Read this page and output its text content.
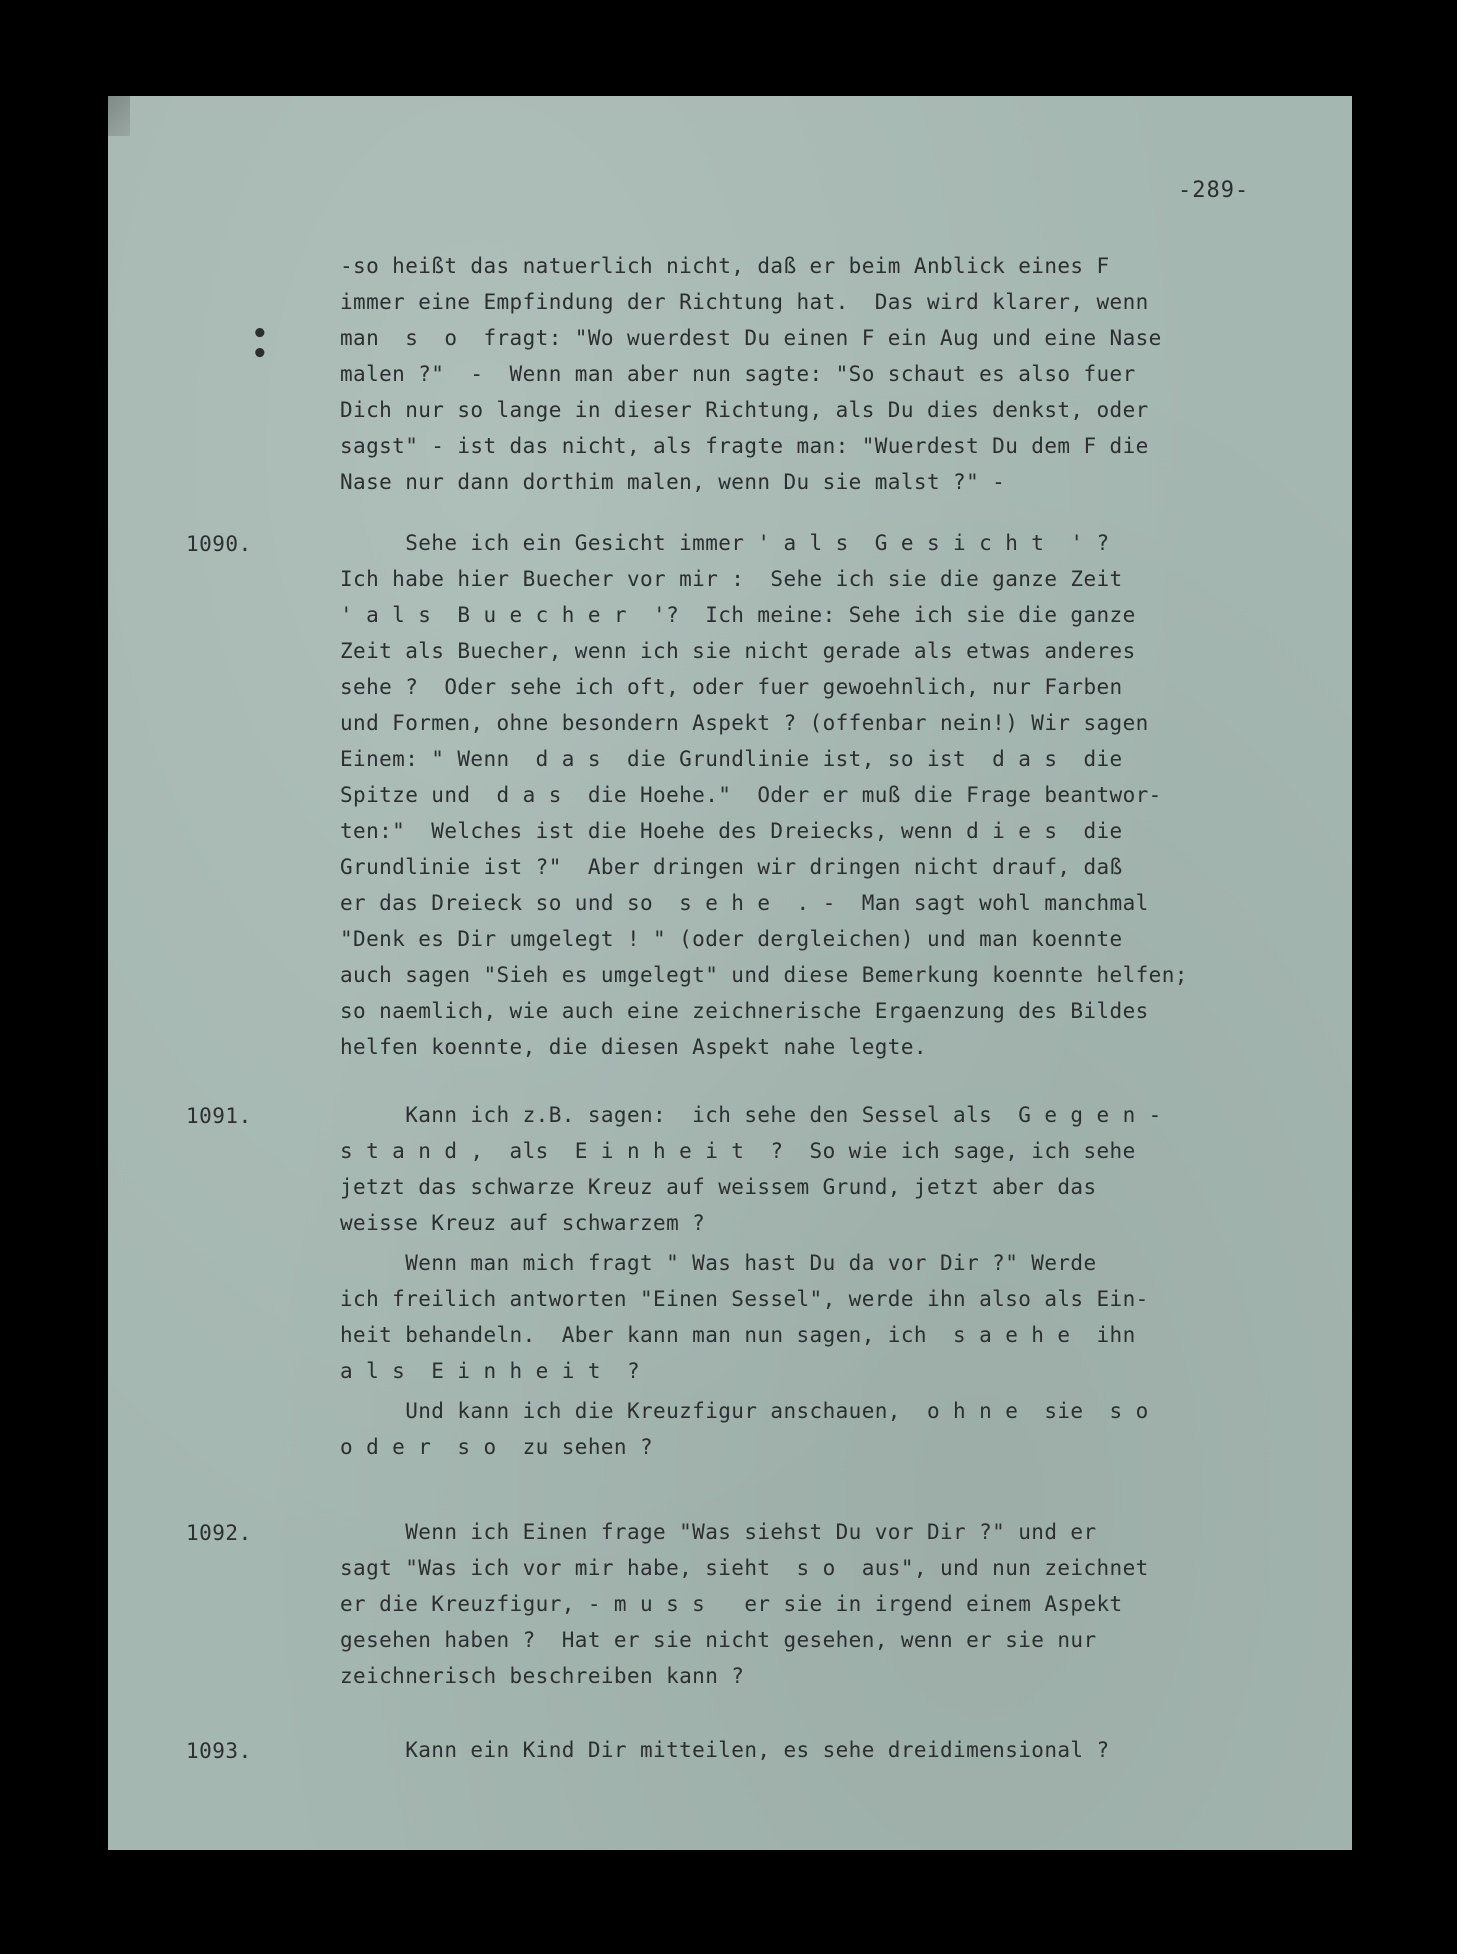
-289-
•
•
-so heißt das natuerlich nicht, daß er beim Anblick eines F
immer eine Empfindung der Richtung hat.  Das wird klarer, wenn
man  s  o  fragt: "Wo wuerdest Du einen F ein Aug und eine Nase
malen ?"  -  Wenn man aber nun sagte: "So schaut es also fuer
Dich nur so lange in dieser Richtung, als Du dies denkst, oder
sagst" - ist das nicht, als fragte man: "Wuerdest Du dem F die
Nase nur dann dorthim malen, wenn Du sie malst ?" -
1090.	Sehe ich ein Gesicht immer ' a l s  G e s i c h t  ' ?
Ich habe hier Buecher vor mir :  Sehe ich sie die ganze Zeit
' a l s  B u e c h e r  '?  Ich meine: Sehe ich sie die ganze
Zeit als Buecher, wenn ich sie nicht gerade als etwas anderes
sehe ?  Oder sehe ich oft, oder fuer gewoehnlich, nur Farben
und Formen, ohne besondern Aspekt ? (offenbar nein!) Wir sagen
Einem: " Wenn  d a s  die Grundlinie ist, so ist  d a s  die
Spitze und  d a s  die Hoehe."  Oder er muß die Frage beantwor-
ten:"  Welches ist die Hoehe des Dreiecks, wenn d i e s  die
Grundlinie ist ?"  Aber dringen wir dringen nicht drauf, daß
er das Dreieck so und so  s e h e  . -  Man sagt wohl manchmal
"Denk es Dir umgelegt ! " (oder dergleichen) und man koennte
auch sagen "Sieh es umgelegt" und diese Bemerkung koennte helfen;
so naemlich, wie auch eine zeichnerische Ergaenzung des Bildes
helfen koennte, die diesen Aspekt nahe legte.
1091.	Kann ich z.B. sagen:  ich sehe den Sessel als  G e g e n -
s t a n d ,  als  E i n h e i t  ?  So wie ich sage, ich sehe
jetzt das schwarze Kreuz auf weissem Grund, jetzt aber das
weisse Kreuz auf schwarzem ?
Wenn man mich fragt " Was hast Du da vor Dir ?" Werde
ich freilich antworten "Einen Sessel", werde ihn also als Ein-
heit behandeln.  Aber kann man nun sagen, ich  s a e h e  ihn
a l s  E i n h e i t  ?
Und kann ich die Kreuzfigur anschauen,  o h n e  sie  s o
o d e r  s o  zu sehen ?
1092.	Wenn ich Einen frage "Was siehst Du vor Dir ?" und er
sagt "Was ich vor mir habe, sieht  s o  aus", und nun zeichnet
er die Kreuzfigur, - m u s s   er sie in irgend einem Aspekt
gesehen haben ?  Hat er sie nicht gesehen, wenn er sie nur
zeichnerisch beschreiben kann ?
1093.	Kann ein Kind Dir mitteilen, es sehe dreidimensional ?
